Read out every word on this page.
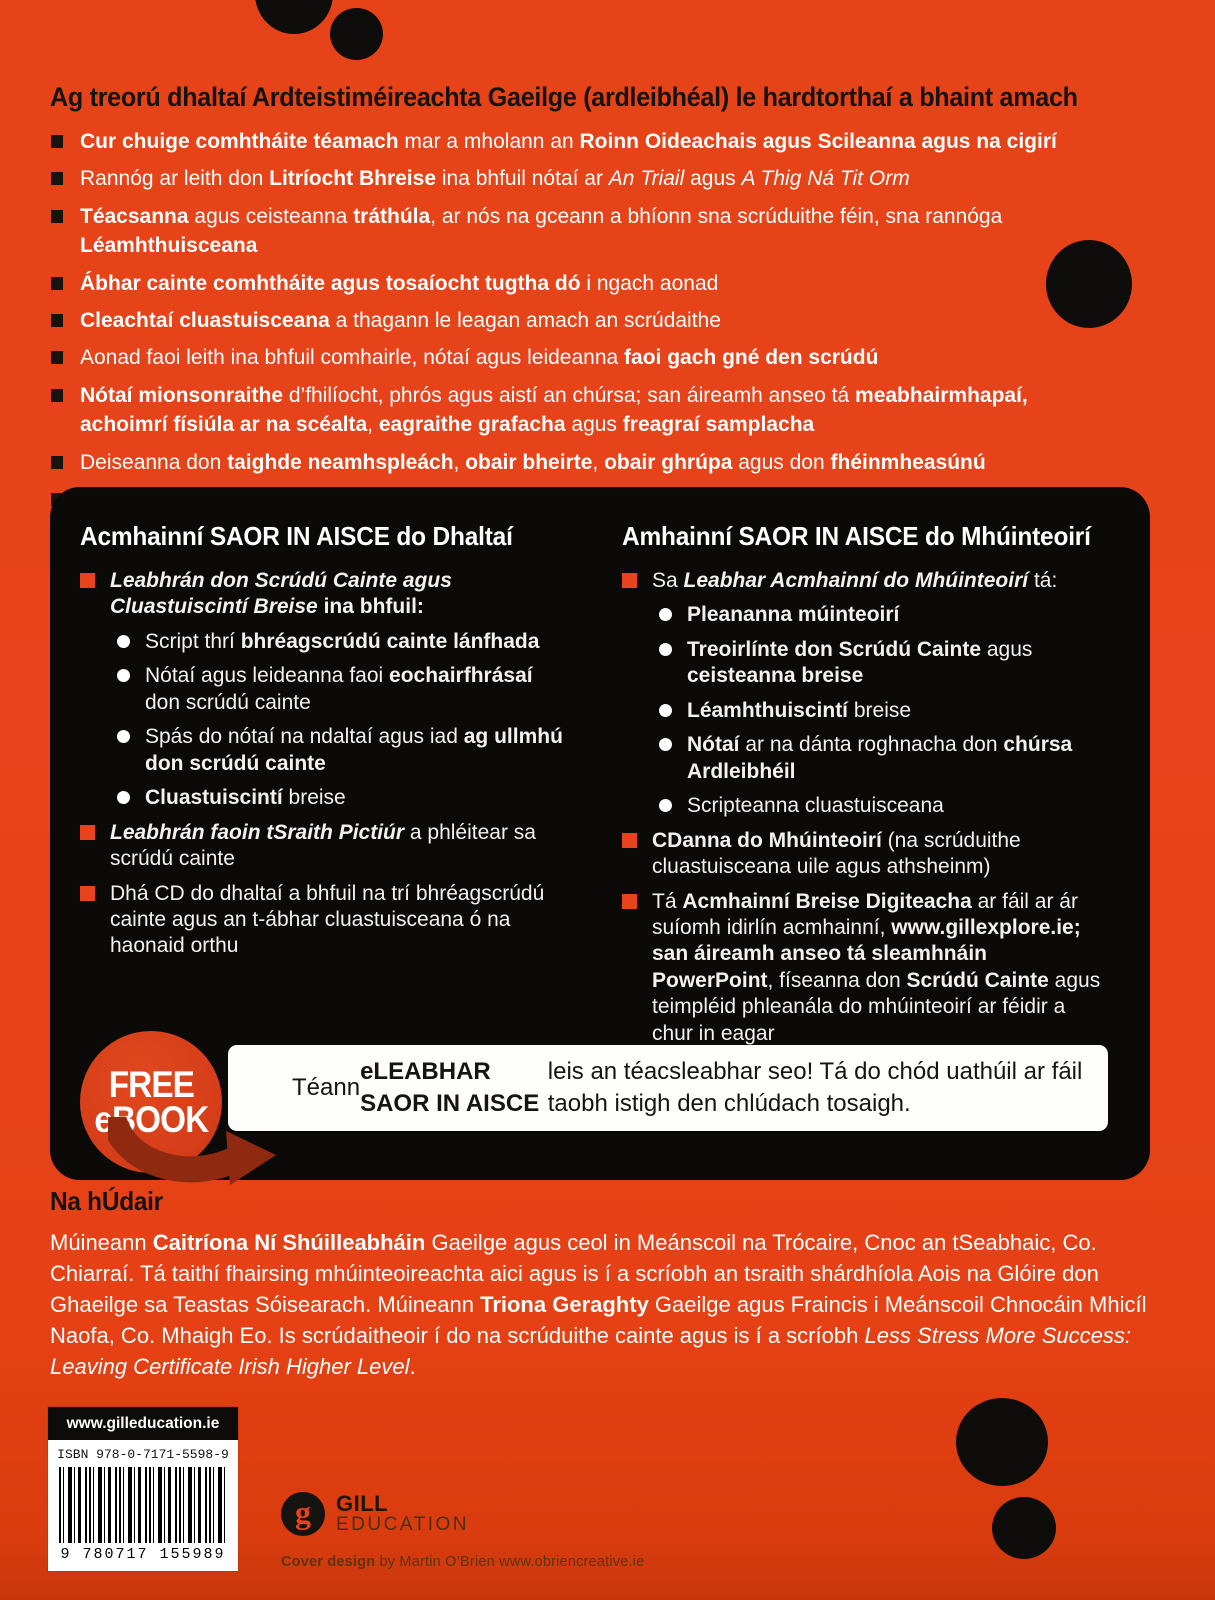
Ag treorú dhaltaí Ardteistiméireachta Gaeilge (ardleibhéal) le hardtorthaí a bhaint amach
Cur chuige comhtháite téamach mar a mholann an Roinn Oideachais agus Scileanna agus na cigirí
Rannóg ar leith don Litríocht Bhreise ina bhfuil nótaí ar An Triail agus A Thig Ná Tit Orm
Téacsanna agus ceisteanna tráthúla, ar nós na gceann a bhíonn sna scrúduithe féin, sna rannóga
Léamhthuisceana
Ábhar cainte comhtháite agus tosaíocht tugtha dó i ngach aonad
Cleachtaí cluastuisceana a thagann le leagan amach an scrúdaithe
Aonad faoi leith ina bhfuil comhairle, nótaí agus leideanna faoi gach gné den scrúdú
Nótaí mionsonraithe d’fhilíocht, phrós agus aistí an chúrsa; san áireamh anseo tá meabhairmhapaí,
achoimrí físiúla ar na scéalta, eagraithe grafacha agus freagraí samplacha
Deiseanna don taighde neamhspleách, obair bheirte, obair ghrúpa agus don fhéinmheasúnú
Acmhainní SAOR IN AISCE do Dhaltaí
Leabhrán don Scrúdú Cainte agus Cluastuiscintí Breise ina bhfuil:
Script thrí bhréagscrúdú cainte lánfhada
Nótaí agus leideanna faoi eochairfhrásaí don scrúdú cainte
Spás do nótaí na ndaltaí agus iad ag ullmhú don scrúdú cainte
Cluastuiscintí breise
Leabhrán faoin tSraith Pictiúr a phléitear sa scrúdú cainte
Dhá CD do dhaltaí a bhfuil na trí bhréagscrúdú cainte agus an t-ábhar cluastuisceana ó na haonaid orthu
Amhainní SAOR IN AISCE do Mhúinteoirí
Sa Leabhar Acmhainní do Mhúinteoirí tá:
Pleananna múinteoirí
Treoirlínte don Scrúdú Cainte agus ceisteanna breise
Léamhthuiscintí breise
Nótaí ar na dánta roghnacha don chúrsa Ardleibhéil
Scripteanna cluastuisceana
CDanna do Mhúinteoirí (na scrúduithe cluastuisceana uile agus athsheinm)
Tá Acmhainní Breise Digiteacha ar fáil ar ár suíomh idirlín acmhainní, www.gillexplore.ie; san áireamh anseo tá sleamhnáin PowerPoint, físeanna don Scrúdú Cainte agus teimpléid phleanála do mhúinteoirí ar féidir a chur in eagar
FREE
eBOOK
Téann
eLEABHAR SAOR IN AISCE
leis an téacsleabhar seo! Tá do chód uathúil ar fáil taobh istigh den chlúdach tosaigh.
Na hÚdair
Múineann Caitríona Ní Shúilleabháin Gaeilge agus ceol in Meánscoil na Trócaire, Cnoc an tSeabhaic, Co. Chiarraí. Tá taithí fhairsing mhúinteoireachta aici agus is í a scríobh an tsraith shárdhíola Aois na Glóire don Ghaeilge sa Teastas Sóisearach. Múineann Triona Geraghty Gaeilge agus Fraincis i Meánscoil Chnocáin Mhicíl Naofa, Co. Mhaigh Eo. Is scrúdaitheoir í do na scrúduithe cainte agus is í a scríobh Less Stress More Success: Leaving Certificate Irish Higher Level.
www.gilleducation.ie
ISBN 978-0-7171-5598-9
9 780717 155989
g	GILL
EDUCATION
Cover design by Martin O’Brien www.obriencreative.ie
